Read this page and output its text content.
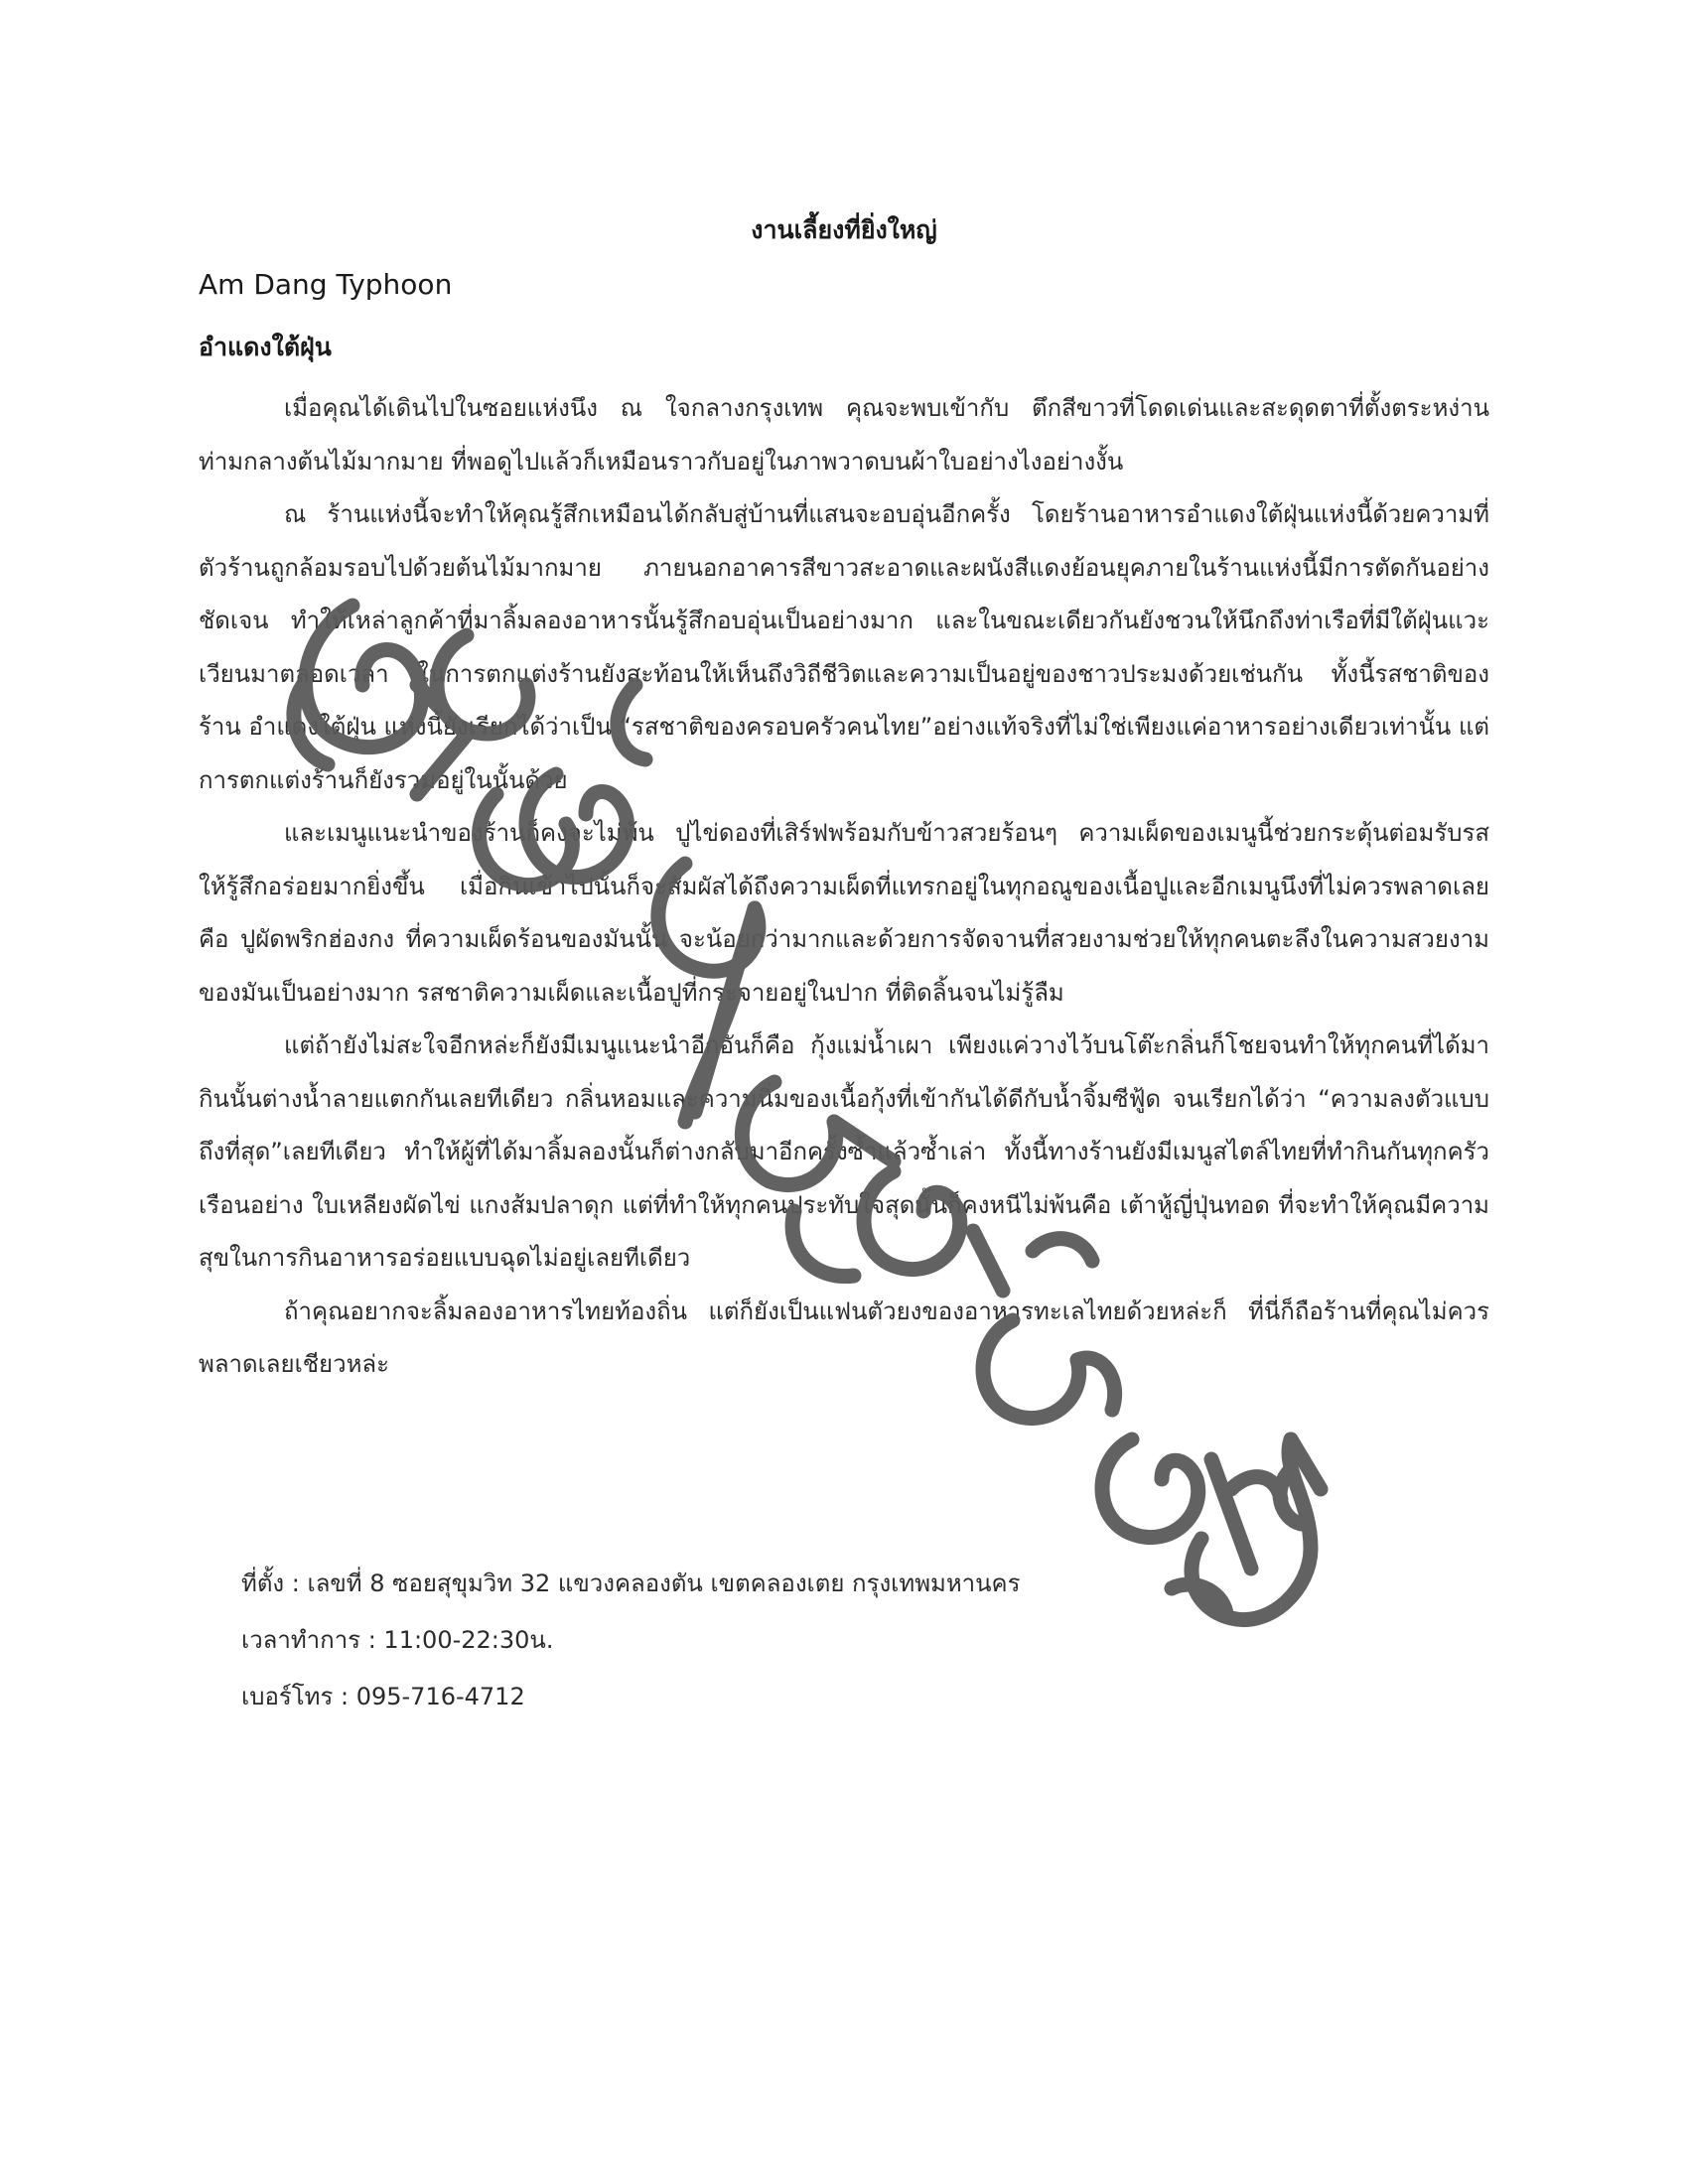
งานเลี้ยงที่ยิ่งใหญ่
Am Dang Typhoon
อำแดงใต้ฝุ่น

เมื่อคุณได้เดินไปในซอยแห่งนึง ณ ใจกลางกรุงเทพ คุณจะพบเข้ากับ ตึกสีขาวที่โดดเด่นและสะดุดตาที่ตั้งตระหง่านท่ามกลางต้นไม้มากมาย ที่พอดูไปแล้วก็เหมือนราวกับอยู่ในภาพวาดบนผ้าใบอย่างไงอย่างงั้น

ณ ร้านแห่งนี้จะทำให้คุณรู้สึกเหมือนได้กลับสู่บ้านที่แสนจะอบอุ่นอีกครั้ง โดยร้านอาหารอำแดงใต้ฝุ่นแห่งนี้ด้วยความที่ตัวร้านถูกล้อมรอบไปด้วยต้นไม้มากมาย ภายนอกอาคารสีขาวสะอาดและผนังสีแดงย้อนยุคภายในร้านแห่งนี้มีการตัดกันอย่างชัดเจน ทำให้เหล่าลูกค้าที่มาลิ้มลองอาหารนั้นรู้สึกอบอุ่นเป็นอย่างมาก และในขณะเดียวกันยังชวนให้นึกถึงท่าเรือที่มีใต้ฝุ่นแวะเวียนมาตลอดเวลา ในการตกแต่งร้านยังสะท้อนให้เห็นถึงวิถีชีวิตและความเป็นอยู่ของชาวประมงด้วยเช่นกัน ทั้งนี้รสชาติของร้าน อำแดงใต้ฝุ่น แห่งนี้ยังเรียกได้ว่าเป็น “รสชาติของครอบครัวคนไทย”อย่างแท้จริงที่ไม่ใช่เพียงแค่อาหารอย่างเดียวเท่านั้น แต่การตกแต่งร้านก็ยังรวมอยู่ในนั้นด้วย

และเมนูแนะนำของร้านก็คงจะไม่พ้น ปูไข่ดองที่เสิร์ฟพร้อมกับข้าวสวยร้อนๆ ความเผ็ดของเมนูนี้ช่วยกระตุ้นต่อมรับรสให้รู้สึกอร่อยมากยิ่งขึ้น เมื่อกินเข้าไปนั้นก็จะสัมผัสได้ถึงความเผ็ดที่แทรกอยู่ในทุกอณูของเนื้อปูและอีกเมนูนึงที่ไม่ควรพลาดเลยคือ ปูผัดพริกฮ่องกง ที่ความเผ็ดร้อนของมันนั้น จะน้อยกว่ามากและด้วยการจัดจานที่สวยงามช่วยให้ทุกคนตะลึงในความสวยงามของมันเป็นอย่างมาก รสชาติความเผ็ดและเนื้อปูที่กระจายอยู่ในปาก ที่ติดลิ้นจนไม่รู้ลืม

แต่ถ้ายังไม่สะใจอีกหล่ะก็ยังมีเมนูแนะนำอีกอันก็คือ กุ้งแม่น้ำเผา เพียงแค่วางไว้บนโต๊ะกลิ่นก็โชยจนทำให้ทุกคนที่ได้มากินนั้นต่างน้ำลายแตกกันเลยทีเดียว กลิ่นหอมและความนิ่มของเนื้อกุ้งที่เข้ากันได้ดีกับน้ำจิ้มซีฟู้ด จนเรียกได้ว่า “ความลงตัวแบบถึงที่สุด”เลยทีเดียว ทำให้ผู้ที่ได้มาลิ้มลองนั้นก็ต่างกลับมาอีกครั้งซ้ำแล้วซ้ำเล่า ทั้งนี้ทางร้านยังมีเมนูสไตล์ไทยที่ทำกินกันทุกครัวเรือนอย่าง ใบเหลียงผัดไข่ แกงส้มปลาดุก แต่ที่ทำให้ทุกคนประทับใจสุดนั้นก็คงหนีไม่พ้นคือ เต้าหู้ญี่ปุ่นทอด ที่จะทำให้คุณมีความสุขในการกินอาหารอร่อยแบบฉุดไม่อยู่เลยทีเดียว

ถ้าคุณอยากจะลิ้มลองอาหารไทยท้องถิ่น แต่ก็ยังเป็นแฟนตัวยงของอาหารทะเลไทยด้วยหล่ะก็ ที่นี่ก็ถือร้านที่คุณไม่ควรพลาดเลยเชียวหล่ะ

ที่ตั้ง : เลขที่ 8 ซอยสุขุมวิท 32 แขวงคลองตัน เขตคลองเตย กรุงเทพมหานคร
เวลาทำการ : 11:00-22:30น.
เบอร์โทร : 095-716-4712
